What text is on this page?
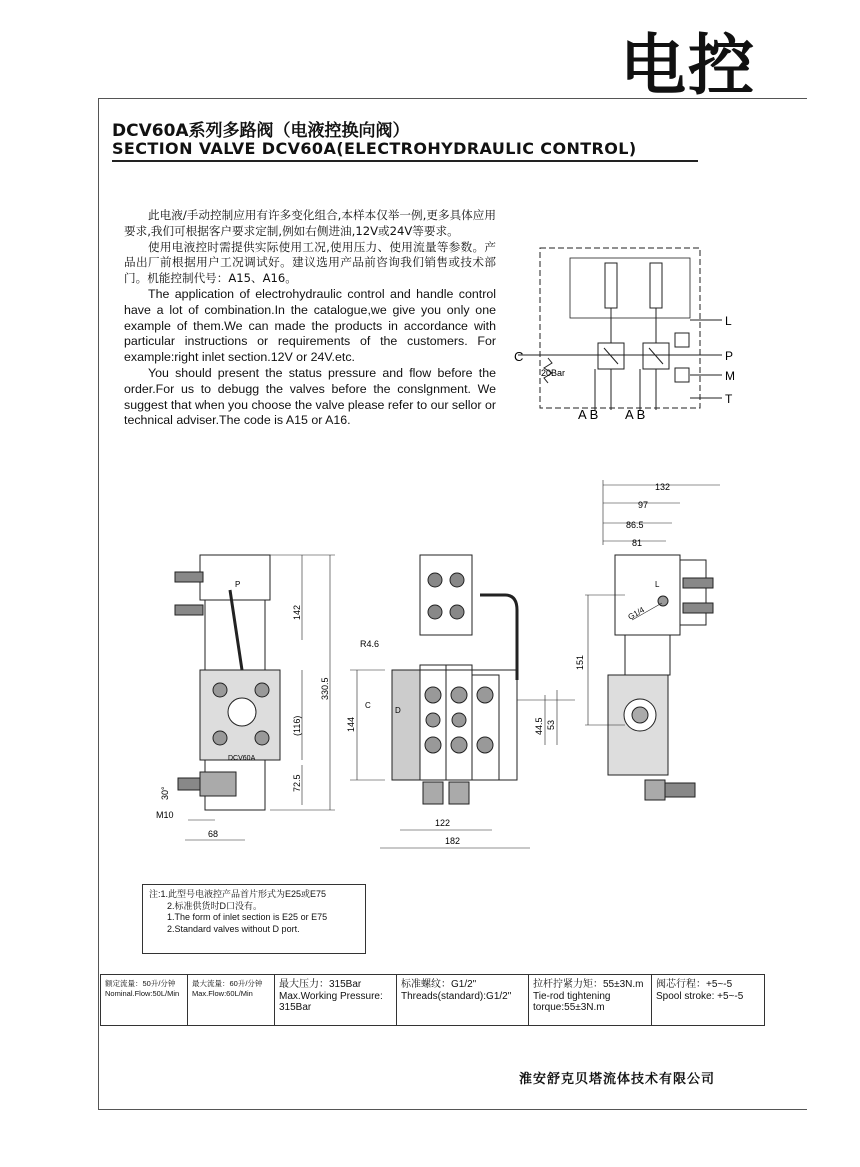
电控
DCV60A系列多路阀（电液控换向阀）
SECTION VALVE DCV60A(ELECTROHYDRAULIC CONTROL)

此电液/手动控制应用有许多变化组合,本样本仅举一例,更多具体应用要求,我们可根据客户要求定制,例如右侧进油,12V或24V等要求。

使用电液控时需提供实际使用工况,使用压力、使用流量等参数。产品出厂前根据用户工况调试好。建议选用产品前咨询我们销售或技术部门。机能控制代号：A15、A16。

The application of electrohydraulic control and handle control have a lot of combination.In the catalogue,we give you only one example of them.We can made the products in accordance with particular instructions or requirements of the customers. For example:right inlet section.12V or 24V.etc.

You should present the status pressure and flow before the order.For us to debugg the valves before the conslgnment. We suggest that when you choose the valve please refer to our sellor or technical adviser.The code is A15 or A16.

C
20Bar
L
P
M
T
A B A B
P
DCV60A
142
330.5
(116)
72.5
30°
M10
68
R4.6
C
D
144	44.5 53
122
182
132
97
86.5
81
L
G1/4
151
注:1.此型号电液控产品首片形式为E25或E75
2.标准供货时D口没有。
1.The form of inlet section is E25 or E75
2.Standard valves without D port.
额定流量：50升/分钟
Nominal.Flow:50L/Min
最大流量：60升/分钟
Max.Flow:60L/Min
最大压力：315Bar
Max.Working Pressure: 315Bar
标准螺纹：G1/2"
Threads(standard):G1/2"
拉杆拧紧力矩：55±3N.m
Tie-rod tightening torque:55±3N.m
阀芯行程：+5~-5
Spool stroke: +5~-5
淮安舒克贝塔流体技术有限公司
